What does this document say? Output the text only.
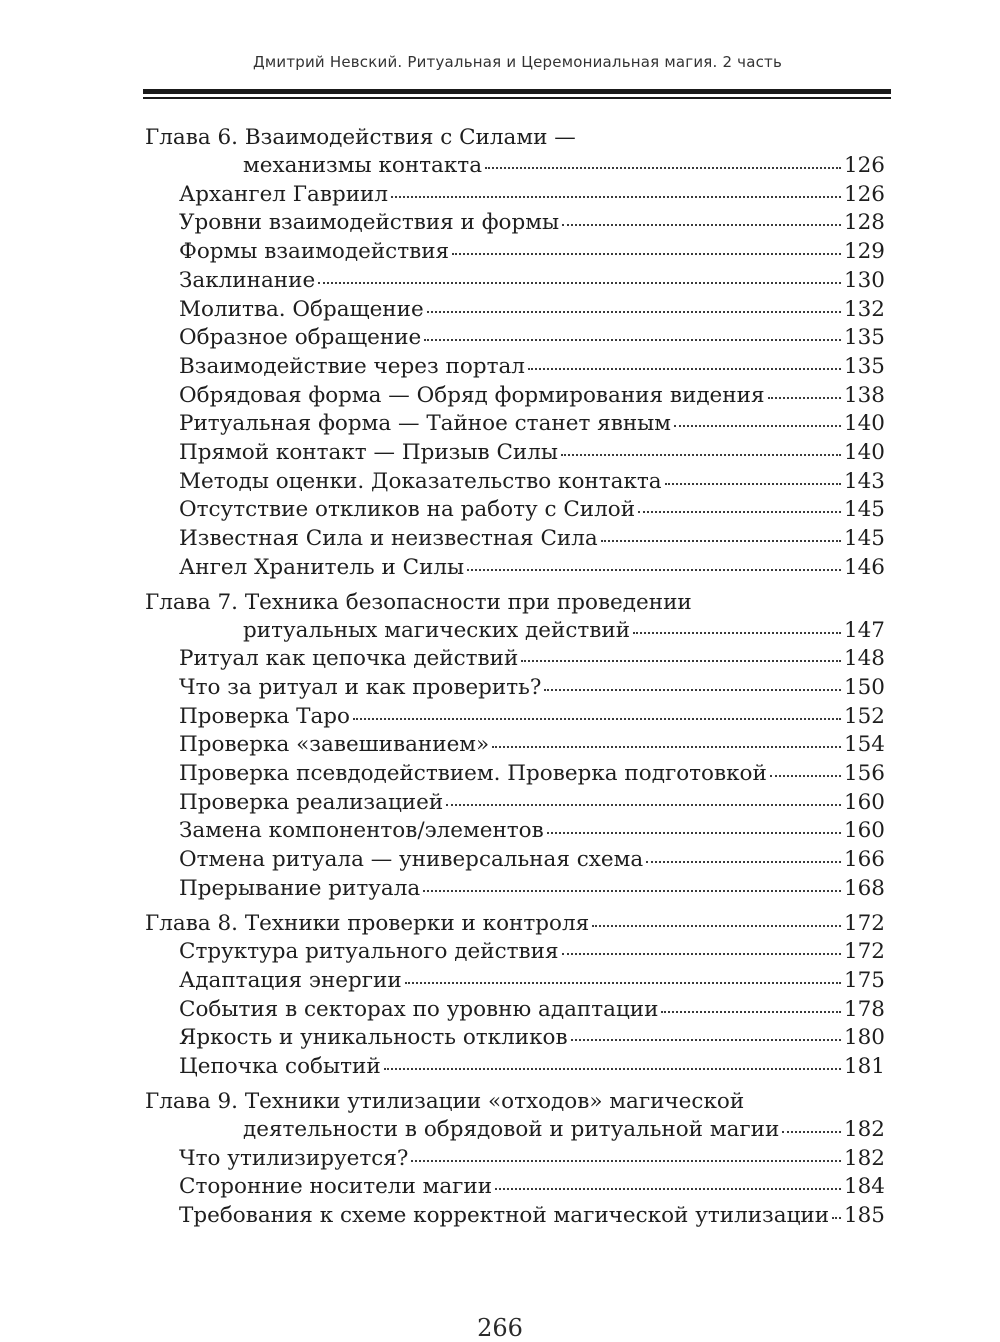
Дмитрий Невский. Ритуальная и Церемониальная магия. 2 часть
Глава 6. Взаимодействия с Силами —
механизмы контакта	126
Архангел Гавриил	126
Уровни взаимодействия и формы	128
Формы взаимодействия	129
Заклинание	130
Молитва. Обращение	132
Образное обращение	135
Взаимодействие через портал	135
Обрядовая форма — Обряд формирования видения	138
Ритуальная форма — Тайное станет явным	140
Прямой контакт — Призыв Силы	140
Методы оценки. Доказательство контакта	143
Отсутствие откликов на работу с Силой	145
Известная Сила и неизвестная Сила	145
Ангел Хранитель и Силы	146
Глава 7. Техника безопасности при проведении
ритуальных магических действий	147
Ритуал как цепочка действий	148
Что за ритуал и как проверить?	150
Проверка Таро	152
Проверка «завешиванием»	154
Проверка псевдодействием. Проверка подготовкой	156
Проверка реализацией	160
Замена компонентов/элементов	160
Отмена ритуала — универсальная схема	166
Прерывание ритуала	168
Глава 8. Техники проверки и контроля	172
Структура ритуального действия	172
Адаптация энергии	175
События в секторах по уровню адаптации	178
Яркость и уникальность откликов	180
Цепочка событий	181
Глава 9. Техники утилизации «отходов» магической
деятельности в обрядовой и ритуальной магии	182
Что утилизируется?	182
Сторонние носители магии	184
Требования к схеме корректной магической утилизации 185
266
